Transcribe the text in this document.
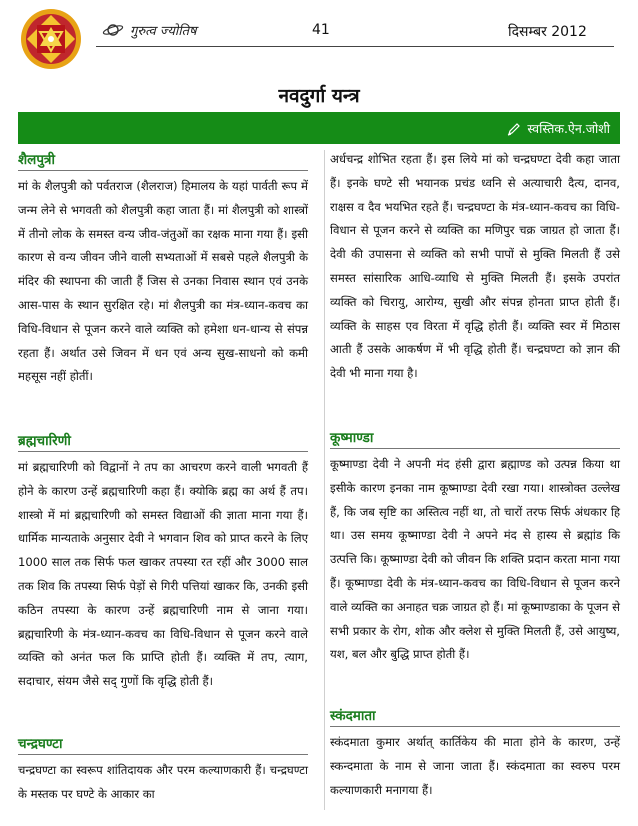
गुरुत्व ज्योतिष	41	दिसम्बर 2012
नवदुर्गा यन्त्र
स्वस्तिक.ऐन.जोशी
शैलपुत्री

मां के शैलपुत्री को पर्वतराज (शैलराज) हिमालय के यहां पार्वती रूप में जन्म लेने से भगवती को शैलपुत्री कहा जाता हैं। मां शैलपुत्री को शास्त्रों में तीनो लोक के समस्त वन्य जीव-जंतुओं का रक्षक माना गया हैं। इसी कारण से वन्य जीवन जीने वाली सभ्यताओं में सबसे पहले शैलपुत्री के मंदिर की स्थापना की जाती हैं जिस से उनका निवास स्थान एवं उनके आस-पास के स्थान सुरक्षित रहे। मां शैलपुत्री का मंत्र-ध्यान-कवच का विधि-विधान से पूजन करने वाले व्यक्ति को हमेशा धन-धान्य से संपन्न रहता हैं। अर्थात उसे जिवन में धन एवं अन्य सुख-साधनो को कमी महसूस नहीं होतीं।

ब्रह्मचारिणी

मां ब्रह्मचारिणी को विद्वानों ने तप का आचरण करने वाली भगवती हैं होने के कारण उन्हें ब्रह्मचारिणी कहा हैं। क्योकि ब्रह्म का अर्थ हैं तप। शास्त्रो में मां ब्रह्मचारिणी को समस्त विद्याओं की ज्ञाता माना गया हैं। धार्मिक मान्यताके अनुसार देवी ने भगवान शिव को प्राप्त करने के लिए 1000 साल तक सिर्फ फल खाकर तपस्या रत रहीं और 3000 साल तक शिव कि तपस्या सिर्फ पेड़ों से गिरी पत्तियां खाकर कि, उनकी इसी कठिन तपस्या के कारण उन्हें ब्रह्मचारिणी नाम से जाना गया। ब्रह्मचारिणी के मंत्र-ध्यान-कवच का विधि-विधान से पूजन करने वाले व्यक्ति को अनंत फल कि प्राप्ति होती हैं। व्यक्ति में तप, त्याग, सदाचार, संयम जैसे सद् गुणों कि वृद्धि होती हैं।

चन्द्रघण्टा

चन्द्रघण्टा का स्वरूप शांतिदायक और परम कल्याणकारी हैं। चन्द्रघण्टा के मस्तक पर घण्टे के आकार का

अर्धचन्द्र शोभित रहता हैं। इस लिये मां को चन्द्रघण्टा देवी कहा जाता हैं। इनके घण्टे सी भयानक प्रचंड ध्वनि से अत्याचारी दैत्य, दानव, राक्षस व दैव भयभित रहते हैं। चन्द्रघण्टा के मंत्र-ध्यान-कवच का विधि-विधान से पूजन करने से व्यक्ति का मणिपुर चक्र जाग्रत हो जाता हैं। देवी की उपासना से व्यक्ति को सभी पापों से मुक्ति मिलती हैं उसे समस्त सांसारिक आधि-व्याधि से मुक्ति मिलती हैं। इसके उपरांत व्यक्ति को चिरायु, आरोग्य, सुखी और संपन्न होनता प्राप्त होती हैं। व्यक्ति के साहस एव विरता में वृद्धि होती हैं। व्यक्ति स्वर में मिठास आती हैं उसके आकर्षण में भी वृद्धि होती हैं। चन्द्रघण्टा को ज्ञान की देवी भी माना गया है।

कूष्माण्डा

कूष्माण्डा देवी ने अपनी मंद हंसी द्वारा ब्रह्माण्ड को उत्पन्न किया था इसीके कारण इनका नाम कूष्माण्डा देवी रखा गया। शास्त्रोक्त उल्लेख हैं, कि जब सृष्टि का अस्तित्व नहीं था, तो चारों तरफ सिर्फ अंधकार हि था। उस समय कूष्माण्डा देवी ने अपने मंद से हास्य से ब्रह्मांड कि उत्पत्ति कि। कूष्माण्डा देवी को जीवन कि शक्ति प्रदान करता माना गया हैं। कूष्माण्डा देवी के मंत्र-ध्यान-कवच का विधि-विधान से पूजन करने वाले व्यक्ति का अनाहत चक्र जाग्रत हो हैं। मां कूष्माण्डाका के पूजन से सभी प्रकार के रोग, शोक और क्लेश से मुक्ति मिलती हैं, उसे आयुष्य, यश, बल और बुद्धि प्राप्त होती हैं।

स्कंदमाता

स्कंदमाता कुमार अर्थात् कार्तिकेय की माता होने के कारण, उन्हें स्कन्दमाता के नाम से जाना जाता हैं। स्कंदमाता का स्वरुप परम कल्याणकारी मनागया हैं।
